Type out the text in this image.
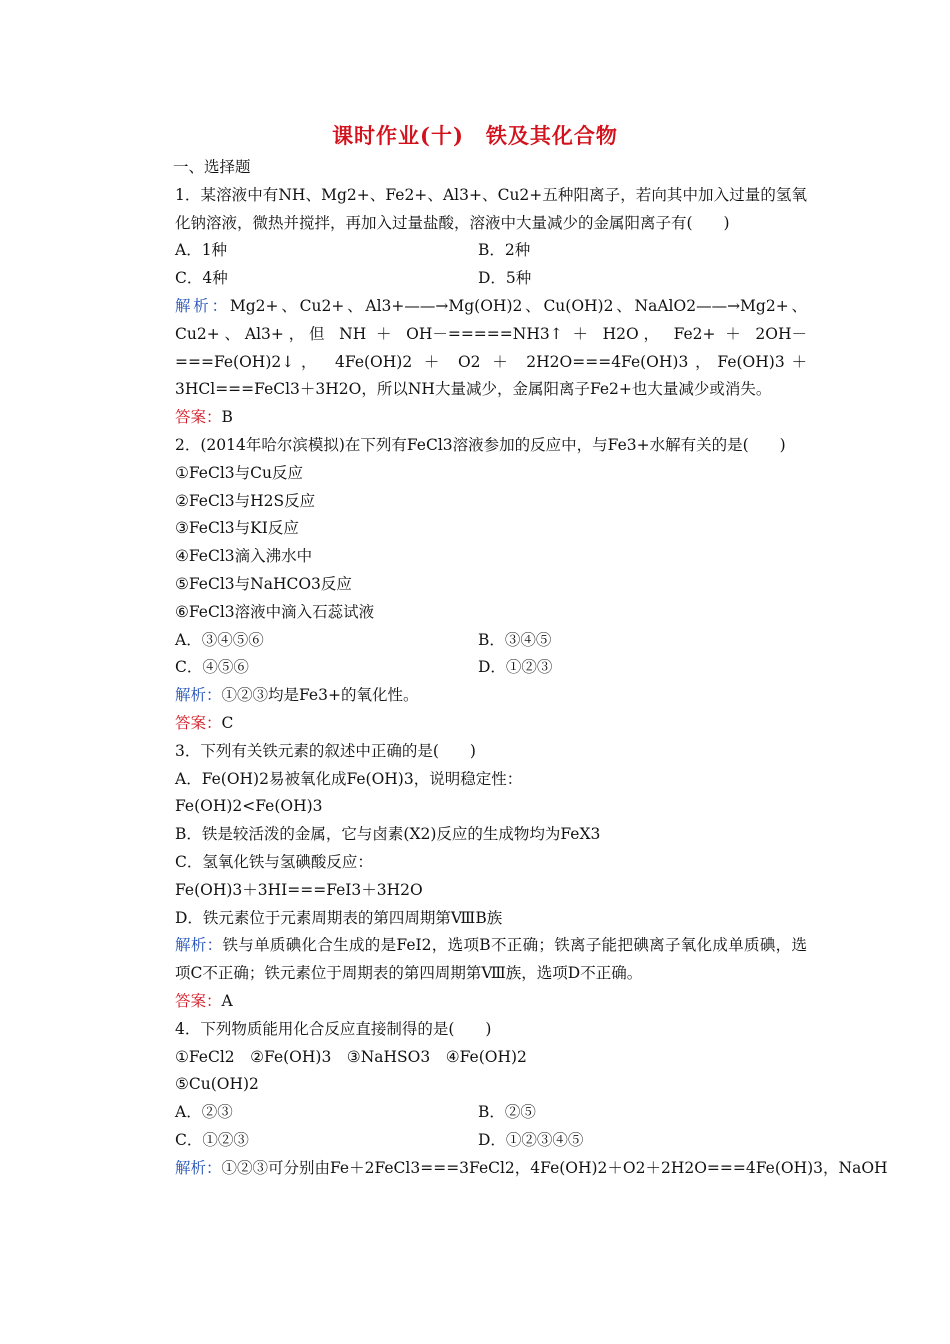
课时作业(十)　铁及其化合物
一、选择题
1．某溶液中有NH、Mg2+、Fe2+、Al3+、Cu2+五种阳离子，若向其中加入过量的氢氧化钠溶液，微热并搅拌，再加入过量盐酸，溶液中大量减少的金属阳离子有(　　)
A．1种	B．2种
C．4种	D．5种
解析：Mg2+、Cu2+、Al3+——→Mg(OH)2、Cu(OH)2、NaAlO2——→Mg2+、Cu2+、Al3+，但 NH ＋ OH－=====NH3↑ ＋ H2O， Fe2+ ＋ 2OH－===Fe(OH)2↓， 4Fe(OH)2 ＋ O2 ＋ 2H2O===4Fe(OH)3，Fe(OH)3＋3HCl===FeCl3＋3H2O，所以NH大量减少，金属阳离子Fe2+也大量减少或消失。
答案：B
2．(2014年哈尔滨模拟)在下列有FeCl3溶液参加的反应中，与Fe3+水解有关的是(　　)
①FeCl3与Cu反应
②FeCl3与H2S反应
③FeCl3与KI反应
④FeCl3滴入沸水中
⑤FeCl3与NaHCO3反应
⑥FeCl3溶液中滴入石蕊试液
A．③④⑤⑥	B．③④⑤
C．④⑤⑥	D．①②③
解析：①②③均是Fe3+的氧化性。
答案：C
3．下列有关铁元素的叙述中正确的是(　　)
A．Fe(OH)2易被氧化成Fe(OH)3，说明稳定性：
Fe(OH)2<Fe(OH)3
B．铁是较活泼的金属，它与卤素(X2)反应的生成物均为FeX3
C．氢氧化铁与氢碘酸反应：
Fe(OH)3＋3HI===FeI3＋3H2O
D．铁元素位于元素周期表的第四周期第ⅧB族
解析：铁与单质碘化合生成的是FeI2，选项B不正确；铁离子能把碘离子氧化成单质碘，选项C不正确；铁元素位于周期表的第四周期第Ⅷ族，选项D不正确。
答案：A
4．下列物质能用化合反应直接制得的是(　　)
①FeCl2　②Fe(OH)3　③NaHSO3　④Fe(OH)2
⑤Cu(OH)2
A．②③	B．②⑤
C．①②③	D．①②③④⑤
解析：①②③可分别由Fe＋2FeCl3===3FeCl2，4Fe(OH)2＋O2＋2H2O===4Fe(OH)3，NaOH
